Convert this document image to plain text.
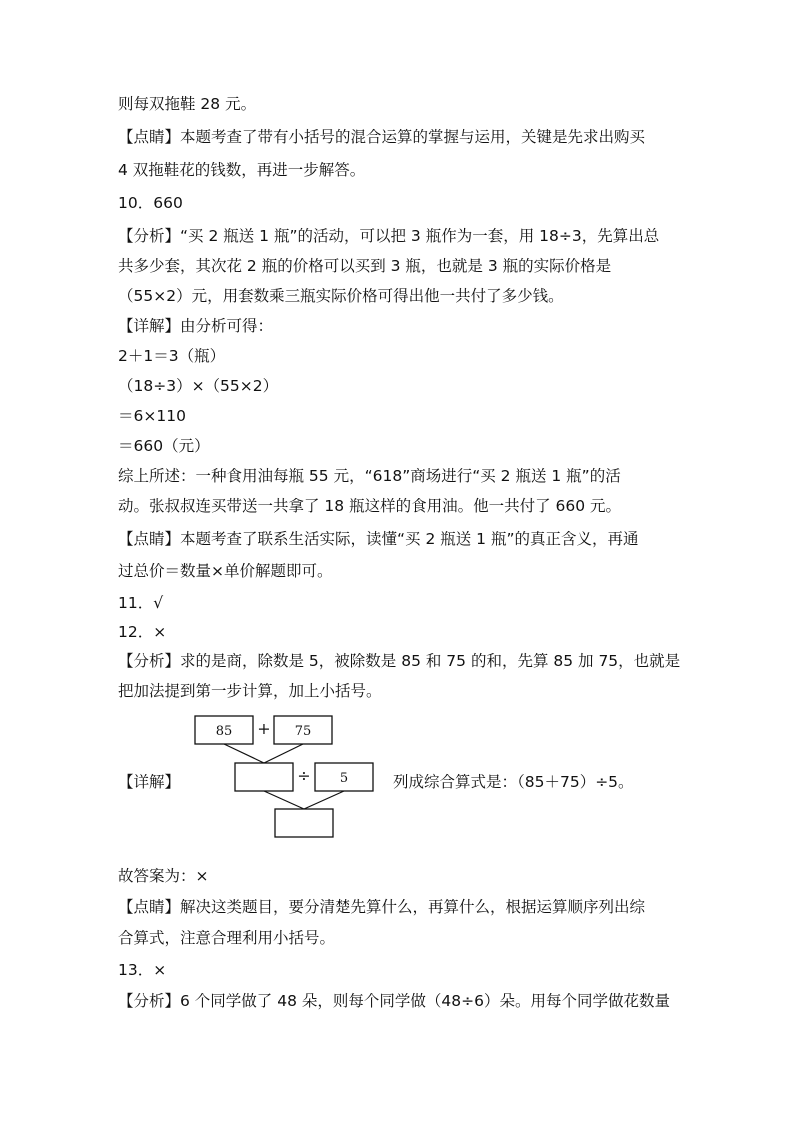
则每双拖鞋 28 元。
【点睛】本题考查了带有小括号的混合运算的掌握与运用，关键是先求出购买
4 双拖鞋花的钱数，再进一步解答。
10．660
【分析】“买 2 瓶送 1 瓶”的活动，可以把 3 瓶作为一套，用 18÷3，先算出总
共多少套，其次花 2 瓶的价格可以买到 3 瓶，也就是 3 瓶的实际价格是
（55×2）元，用套数乘三瓶实际价格可得出他一共付了多少钱。
【详解】由分析可得：
2＋1＝3（瓶）
（18÷3）×（55×2）
＝6×110
＝660（元）
综上所述：一种食用油每瓶 55 元，“618”商场进行“买 2 瓶送 1 瓶”的活
动。张叔叔连买带送一共拿了 18 瓶这样的食用油。他一共付了 660 元。
【点睛】本题考查了联系生活实际，读懂“买 2 瓶送 1 瓶”的真正含义，再通
过总价＝数量×单价解题即可。
11．√
12．×
【分析】求的是商，除数是 5，被除数是 85 和 75 的和，先算 85 加 75，也就是
把加法提到第一步计算，加上小括号。
【详解】
85 + 75
÷ 5	列成综合算式是：（85＋75）÷5。
故答案为：×
【点睛】解决这类题目，要分清楚先算什么，再算什么，根据运算顺序列出综
合算式，注意合理利用小括号。
13．×
【分析】6 个同学做了 48 朵，则每个同学做（48÷6）朵。用每个同学做花数量
